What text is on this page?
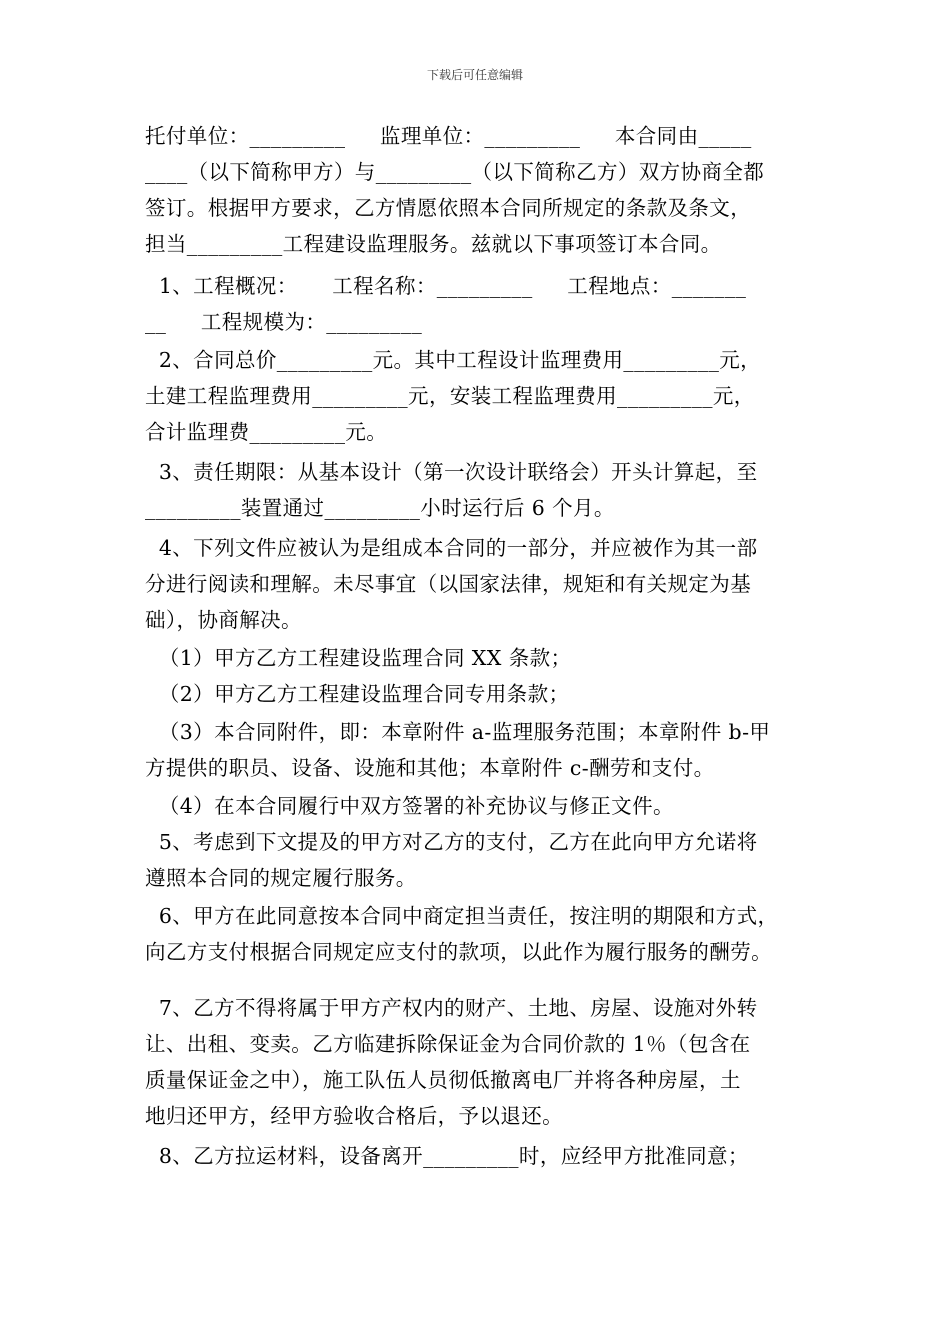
下载后可任意编辑
托付单位：_________     监理单位：_________     本合同由_____
____（以下简称甲方）与_________（以下简称乙方）双方协商全都
签订。根据甲方要求，乙方情愿依照本合同所规定的条款及条文，
担当_________工程建设监理服务。兹就以下事项签订本合同。
1、工程概况：     工程名称：_________     工程地点：_______
__     工程规模为：_________
2、合同总价_________元。其中工程设计监理费用_________元，
土建工程监理费用_________元，安装工程监理费用_________元，
合计监理费_________元。
3、责任期限：从基本设计（第一次设计联络会）开头计算起，至
_________装置通过_________小时运行后 6 个月。
4、下列文件应被认为是组成本合同的一部分，并应被作为其一部
分进行阅读和理解。未尽事宜（以国家法律，规矩和有关规定为基
础），协商解决。
（1）甲方乙方工程建设监理合同 XX 条款；
（2）甲方乙方工程建设监理合同专用条款；
（3）本合同附件，即：本章附件 a-监理服务范围；本章附件 b-甲
方提供的职员、设备、设施和其他；本章附件 c-酬劳和支付。
（4）在本合同履行中双方签署的补充协议与修正文件。
5、考虑到下文提及的甲方对乙方的支付，乙方在此向甲方允诺将
遵照本合同的规定履行服务。
6、甲方在此同意按本合同中商定担当责任，按注明的期限和方式，
向乙方支付根据合同规定应支付的款项，以此作为履行服务的酬劳。
7、乙方不得将属于甲方产权内的财产、土地、房屋、设施对外转
让、出租、变卖。乙方临建拆除保证金为合同价款的 1％（包含在
质量保证金之中），施工队伍人员彻低撤离电厂并将各种房屋，土
地归还甲方，经甲方验收合格后，予以退还。
8、乙方拉运材料，设备离开_________时，应经甲方批准同意；
